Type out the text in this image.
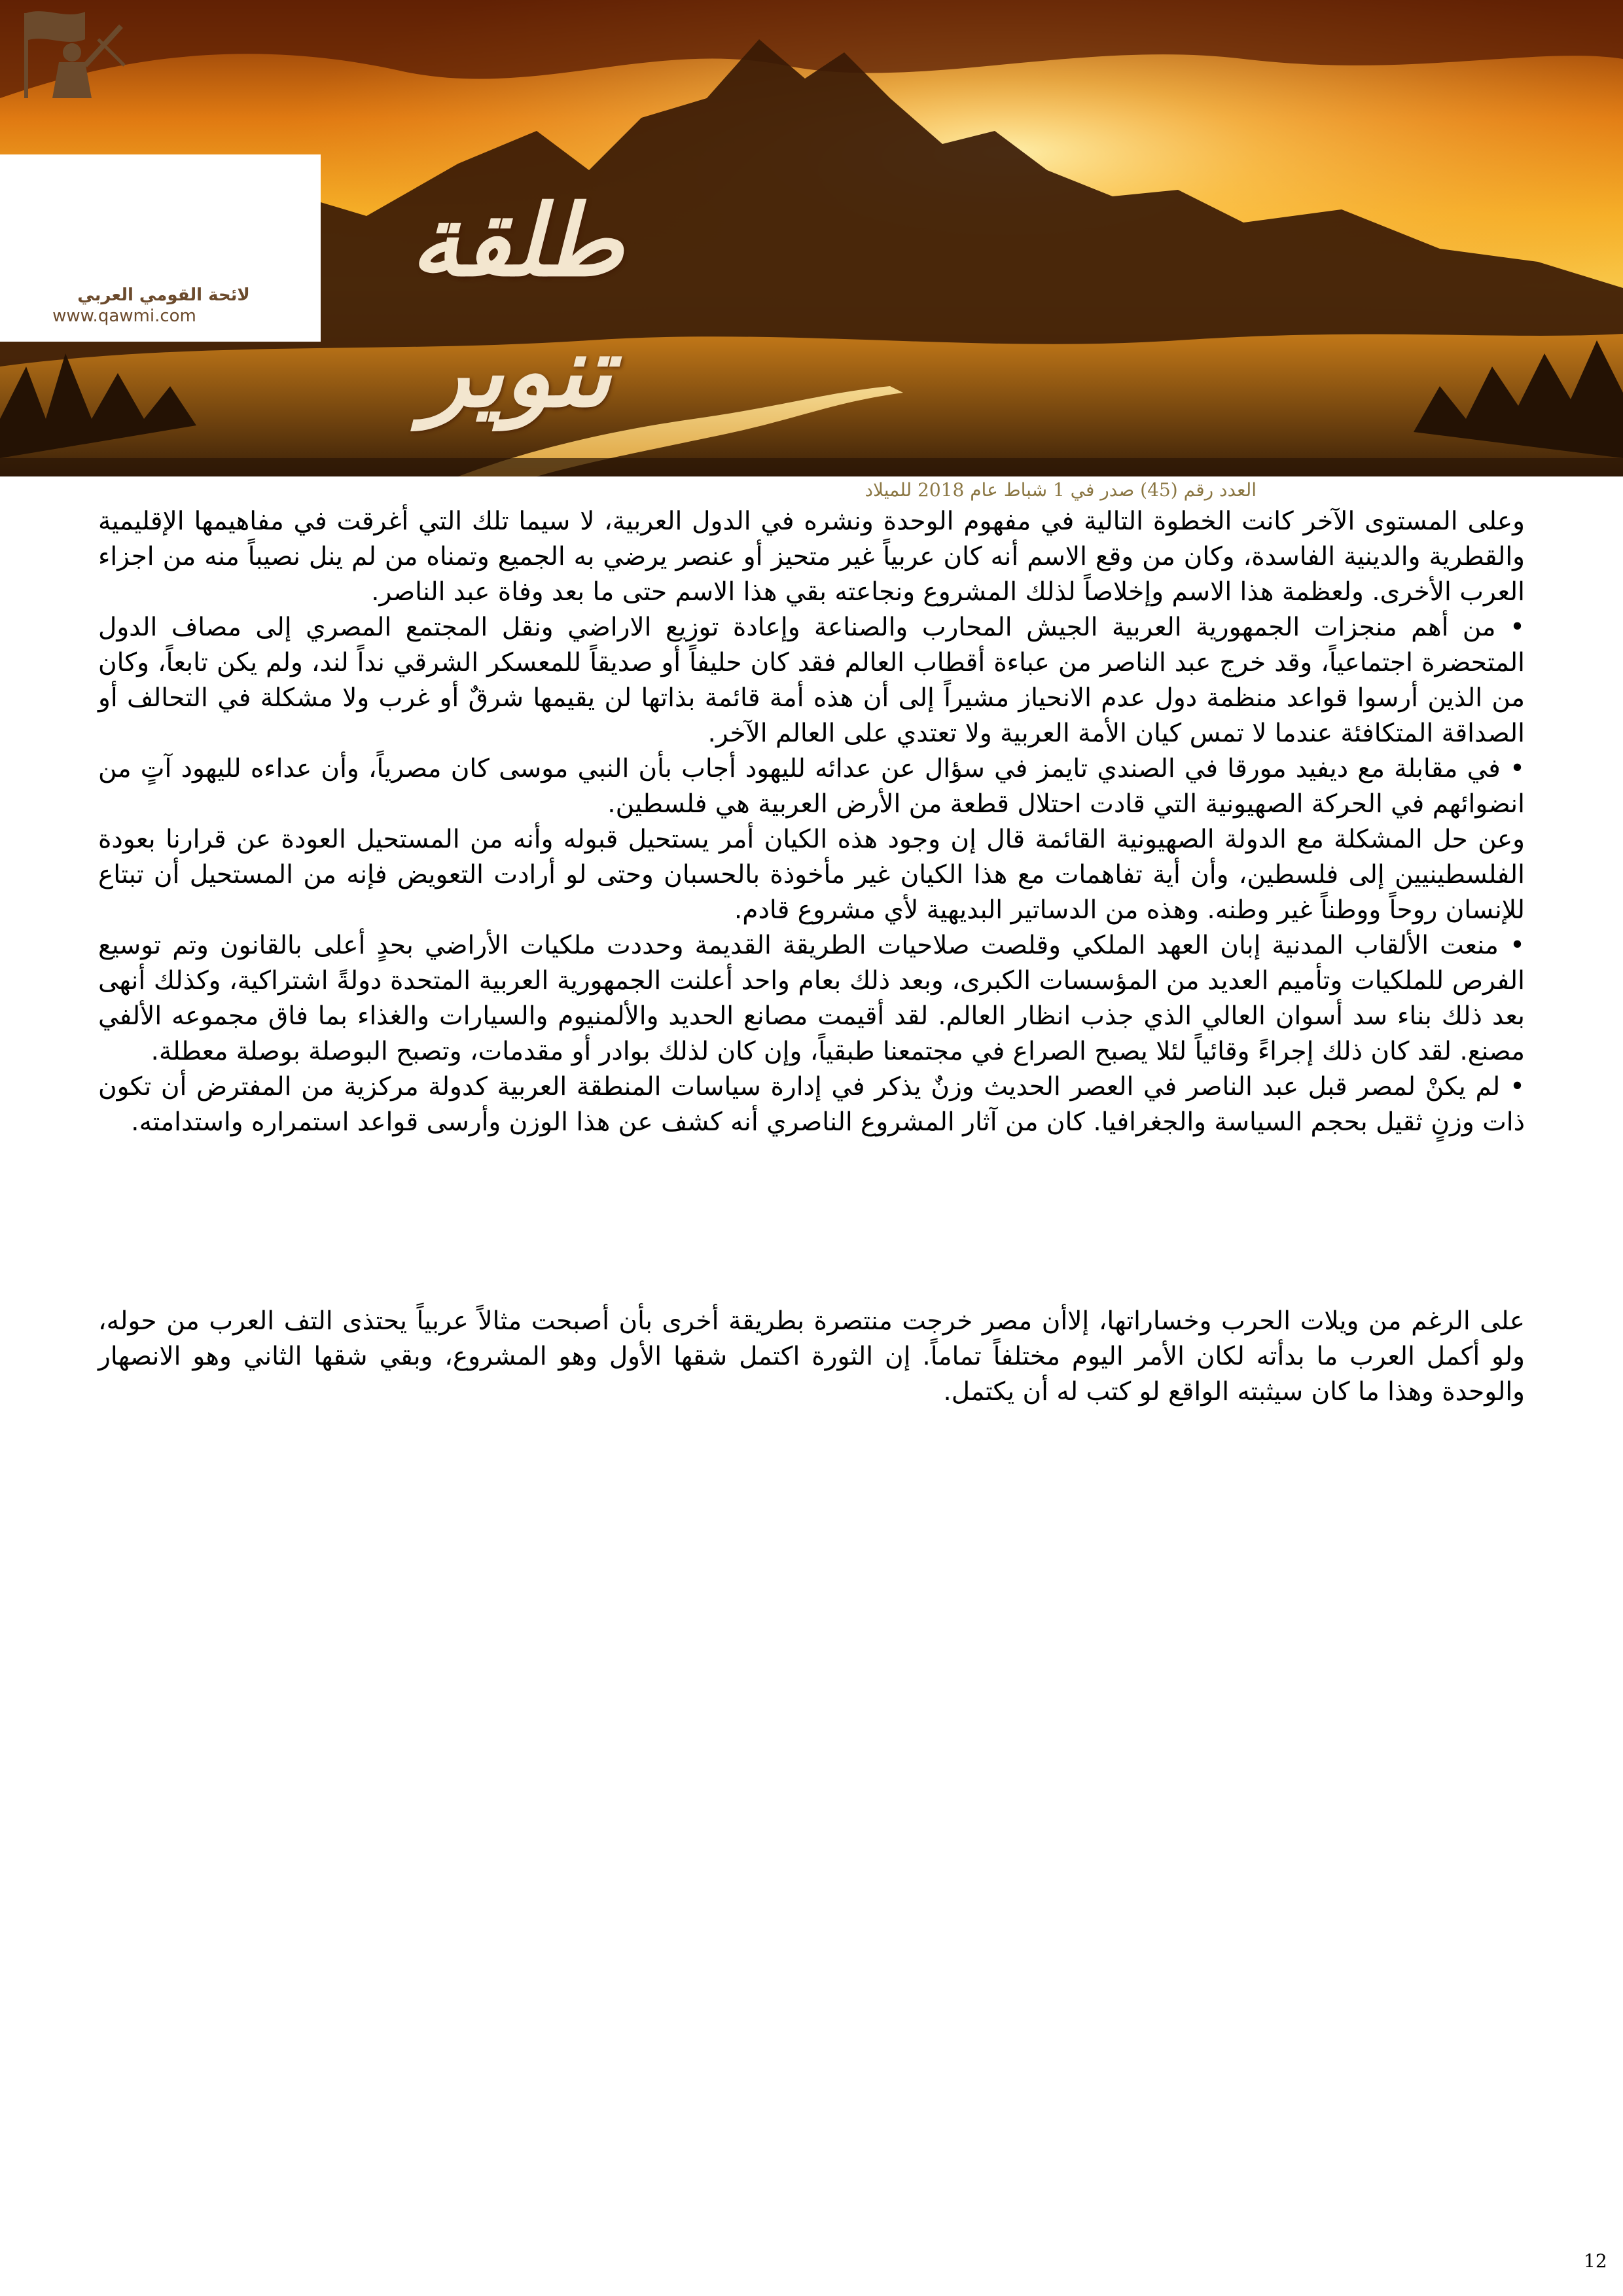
لائحة القومي العربي
www.qawmi.com
طلقة تنوير
العدد رقم (45) صدر في 1 شباط عام 2018 للميلاد

وعلى المستوى الآخر كانت الخطوة التالية في مفهوم الوحدة ونشره في الدول العربية، لا سيما تلك التي أغرقت في مفاهيمها الإقليمية والقطرية والدينية الفاسدة، وكان من وقع الاسم أنه كان عربياً غير متحيز أو عنصر يرضي به الجميع وتمناه من لم ينل نصيباً منه من اجزاء العرب الأخرى. ولعظمة هذا الاسم وإخلاصاً لذلك المشروع ونجاعته بقي هذا الاسم حتى ما بعد وفاة عبد الناصر.

• من أهم منجزات الجمهورية العربية الجيش المحارب والصناعة وإعادة توزيع الاراضي ونقل المجتمع المصري إلى مصاف الدول المتحضرة اجتماعياً، وقد خرج عبد الناصر من عباءة أقطاب العالم فقد كان حليفاً أو صديقاً للمعسكر الشرقي نداً لند، ولم يكن تابعاً، وكان من الذين أرسوا قواعد منظمة دول عدم الانحياز مشيراً إلى أن هذه أمة قائمة بذاتها لن يقيمها شرقٌ أو غرب ولا مشكلة في التحالف أو الصداقة المتكافئة عندما لا تمس كيان الأمة العربية ولا تعتدي على العالم الآخر.

• في مقابلة مع ديفيد مورقا في الصندي تايمز في سؤال عن عدائه لليهود أجاب بأن النبي موسى كان مصرياً، وأن عداءه لليهود آتٍ من انضوائهم في الحركة الصهيونية التي قادت احتلال قطعة من الأرض العربية هي فلسطين.

وعن حل المشكلة مع الدولة الصهيونية القائمة قال إن وجود هذه الكيان أمر يستحيل قبوله وأنه من المستحيل العودة عن قرارنا بعودة الفلسطينيين إلى فلسطين، وأن أية تفاهمات مع هذا الكيان غير مأخوذة بالحسبان وحتى لو أرادت التعويض فإنه من المستحيل أن تبتاع للإنسان روحاً ووطناً غير وطنه. وهذه من الدساتير البديهية لأي مشروع قادم.

• منعت الألقاب المدنية إبان العهد الملكي وقلصت صلاحيات الطريقة القديمة وحددت ملكيات الأراضي بحدٍ أعلى بالقانون وتم توسيع الفرص للملكيات وتأميم العديد من المؤسسات الكبرى، وبعد ذلك بعام واحد أعلنت الجمهورية العربية المتحدة دولةً اشتراكية، وكذلك أنهى بعد ذلك بناء سد أسوان العالي الذي جذب انظار العالم. لقد أقيمت مصانع الحديد والألمنيوم والسيارات والغذاء بما فاق مجموعه الألفي مصنع. لقد كان ذلك إجراءً وقائياً لئلا يصبح الصراع في مجتمعنا طبقياً، وإن كان لذلك بوادر أو مقدمات، وتصبح البوصلة بوصلة معطلة.

• لم يكنْ لمصر قبل عبد الناصر في العصر الحديث وزنٌ يذكر في إدارة سياسات المنطقة العربية كدولة مركزية من المفترض أن تكون ذات وزنٍ ثقيل بحجم السياسة والجغرافيا. كان من آثار المشروع الناصري أنه كشف عن هذا الوزن وأرسى قواعد استمراره واستدامته.

على الرغم من ويلات الحرب وخساراتها، إلاأن مصر خرجت منتصرة بطريقة أخرى بأن أصبحت مثالاً عربياً يحتذى التف العرب من حوله، ولو أكمل العرب ما بدأته لكان الأمر اليوم مختلفاً تماماً. إن الثورة اكتمل شقها الأول وهو المشروع، وبقي شقها الثاني وهو الانصهار والوحدة وهذا ما كان سيثبته الواقع لو كتب له أن يكتمل.

12
